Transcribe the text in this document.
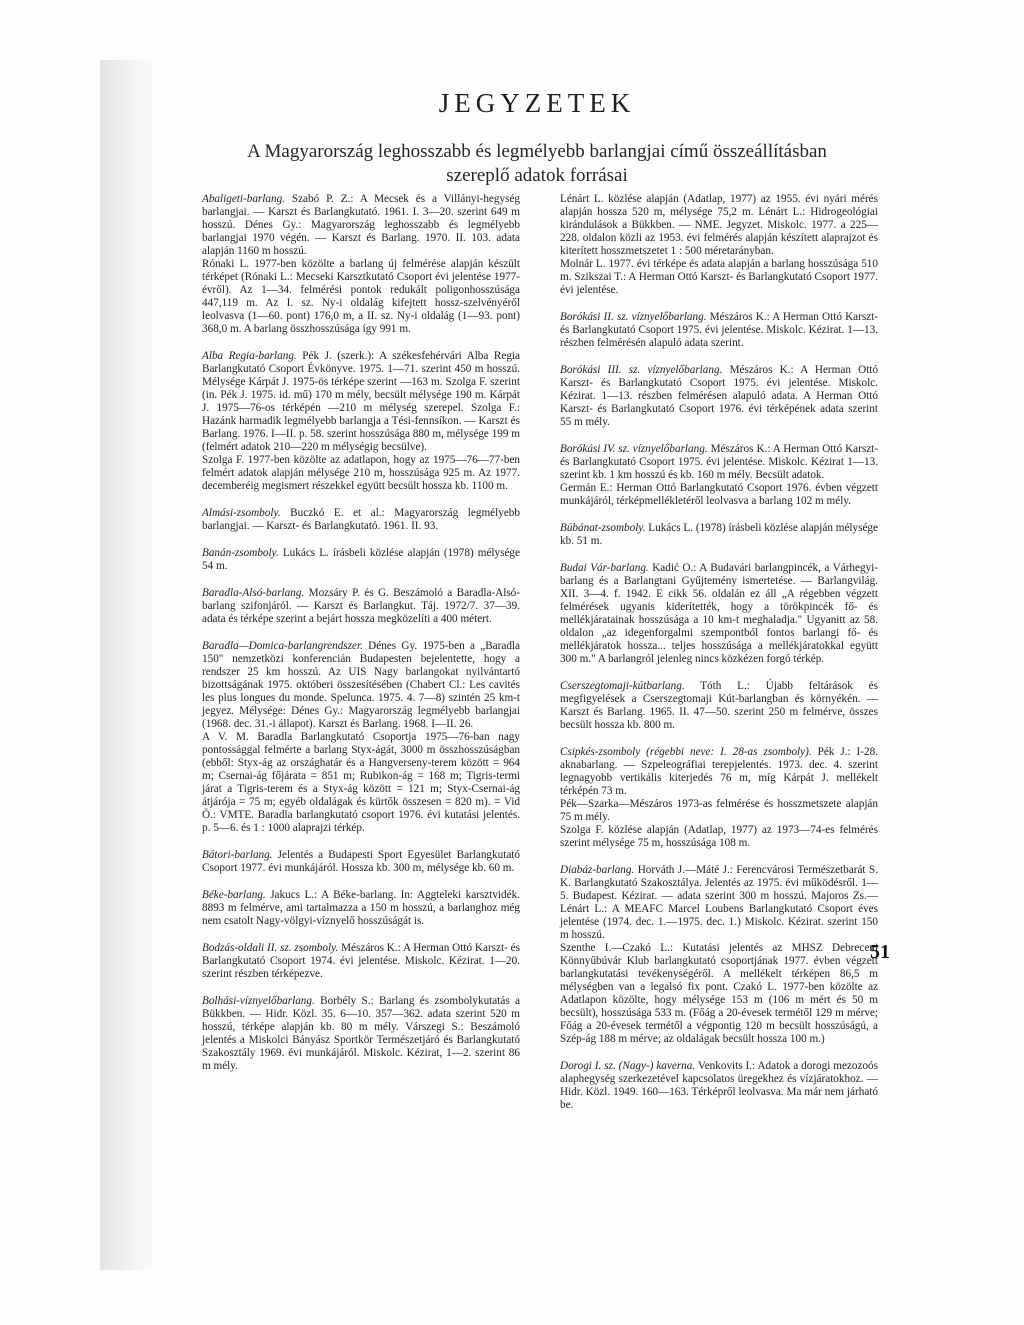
JEGYZETEK
A Magyarország leghosszabb és legmélyebb barlangjai című összeállításban
szereplő adatok forrásai

Abaligeti-barlang. Szabó P. Z.: A Mecsek és a Villányi-hegység barlangjai. — Karszt és Barlangkutató. 1961. I. 3—20. szerint 649 m hosszú. Dénes Gy.: Magyarország leghosszabb és legmélyebb barlangjai 1970 végén. — Karszt és Barlang. 1970. II. 103. adata alapján 1160 m hosszú.

Rónaki L. 1977-ben közölte a barlang új felmérése alapján készült térképet (Rónaki L.: Mecseki Karsztkutató Csoport évi jelentése 1977-évről). Az 1—34. felmérési pontok redukált poligonhosszúsága 447,119 m. Az I. sz. Ny-i oldalág kifejtett hossz-szelvényéről leolvasva (1—60. pont) 176,0 m, a II. sz. Ny-i oldalág (1—93. pont) 368,0 m. A barlang összhosszúsága így 991 m.

Alba Regia-barlang. Pék J. (szerk.): A székesfehérvári Alba Regia Barlangkutató Csoport Évkönyve. 1975. 1—71. szerint 450 m hosszú. Mélysége Kárpát J. 1975-ös térképe szerint —163 m. Szolga F. szerint (in. Pék J. 1975. id. mű) 170 m mély, becsült mélysége 190 m. Kárpát J. 1975—76-os térképén —210 m mélység szerepel. Szolga F.: Hazánk harmadik legmélyebb barlangja a Tési-fennsíkon. — Karszt és Barlang. 1976. I—II. p. 58. szerint hosszúsága 880 m, mélysége 199 m (felmért adatok 210—220 m mélységig becsülve).

Szolga F. 1977-ben közölte az adatlapon, hogy az 1975—76—77-ben felmért adatok alapján mélysége 210 m, hosszúsága 925 m. Az 1977. decemberéig megismert részekkel együtt becsült hossza kb. 1100 m.

Almási-zsomboly. Buczkó E. et al.: Magyarország legmélyebb barlangjai. — Karszt- és Barlangkutató. 1961. II. 93.

Banán-zsomboly. Lukács L. írásbeli közlése alapján (1978) mélysége 54 m.

Baradla-Alsó-barlang. Mozsáry P. és G. Beszámoló a Baradla-Alsó-barlang szifonjáról. — Karszt és Barlangkut. Táj. 1972/7. 37—39. adata és térképe szerint a bejárt hossza megközelíti a 400 métert.

Baradla—Domica-barlangrendszer. Dénes Gy. 1975-ben a „Baradla 150" nemzetközi konferencián Budapesten bejelentette, hogy a rendszer 25 km hosszú. Az UIS Nagy barlangokat nyilvántartó bizottságának 1975. októberi összesítésében (Chabert Cl.: Les cavités les plus longues du monde. Spelunca. 1975. 4. 7—8) szintén 25 km-t jegyez. Mélysége: Dénes Gy.: Magyarország legmélyebb barlangjai (1968. dec. 31.-i állapot). Karszt és Barlang. 1968. I—II. 26.

A V. M. Baradla Barlangkutató Csoportja 1975—76-ban nagy pontossággal felmérte a barlang Styx-ágát, 3000 m összhosszúságban (ebből: Styx-ág az országhatár és a Hangverseny-terem között = 964 m; Csernai-ág főjárata = 851 m; Rubikon-ág = 168 m; Tigris-termi járat a Tigris-terem és a Styx-ág között = 121 m; Styx-Csernai-ág átjárója = 75 m; egyéb oldalágak és kürtők összesen = 820 m). = Vid Ö.: VMTE. Baradla barlangkutató csoport 1976. évi kutatási jelentés. p. 5—6. és 1 : 1000 alaprajzi térkép.

Bátori-barlang. Jelentés a Budapesti Sport Egyesület Barlangkutató Csoport 1977. évi munkájáról. Hossza kb. 300 m, mélysége kb. 60 m.

Béke-barlang. Jakucs L.: A Béke-barlang. In: Aggteleki karsztvidék. 8893 m felmérve, ami tartalmazza a 150 m hosszú, a barlanghoz még nem csatolt Nagy-völgyi-víznyelő hosszúságát is.

Bodzás-oldali II. sz. zsomboly. Mészáros K.: A Herman Ottó Karszt- és Barlangkutató Csoport 1974. évi jelentése. Miskolc. Kézirat. 1—20. szerint részben térképezve.

Bolhási-víznyelőbarlang. Borbély S.: Barlang és zsombolykutatás a Bükkben. — Hidr. Közl. 35. 6—10. 357—362. adata szerint 520 m hosszú, térképe alapján kb. 80 m mély. Várszegi S.: Beszámoló jelentés a Miskolci Bányász Sportkör Természetjáró és Barlangkutató Szakosztály 1969. évi munkájáról. Miskolc. Kézirat, 1—2. szerint 86 m mély.

Lénárt L. közlése alapján (Adatlap, 1977) az 1955. évi nyári mérés alapján hossza 520 m, mélysége 75,2 m. Lénárt L.: Hidrogeológiai kirándulások a Bükkben. — NME. Jegyzet. Miskolc. 1977. a 225—228. oldalon közli az 1953. évi felmérés alapján készített alaprajzot és kiterített hosszmetszetet 1 : 500 méretarányban.

Molnár L. 1977. évi térképe és adata alapján a barlang hosszúsága 510 m. Szikszai T.: A Herman Ottó Karszt- és Barlangkutató Csoport 1977. évi jelentése.

Borókási II. sz. víznyelőbarlang. Mészáros K.: A Herman Ottó Karszt- és Barlangkutató Csoport 1975. évi jelentése. Miskolc. Kézirat. 1—13. részben felmérésén alapuló adata szerint.

Borókási III. sz. víznyelőbarlang. Mészáros K.: A Herman Ottó Karszt- és Barlangkutató Csoport 1975. évi jelentése. Miskolc. Kézirat. 1—13. részben felmérésen alapuló adata. A Herman Ottó Karszt- és Barlangkutató Csoport 1976. évi térképének adata szerint 55 m mély.

Borókási IV. sz. víznyelőbarlang. Mészáros K.: A Herman Ottó Karszt- és Barlangkutató Csoport 1975. évi jelentése. Miskolc. Kézirat 1—13. szerint kb. 1 km hosszú és kb. 160 m mély. Becsült adatok.

Germán E.: Herman Ottó Barlangkutató Csoport 1976. évben végzett munkájáról, térképmellékletéről leolvasva a barlang 102 m mély.

Búbánat-zsomboly. Lukács L. (1978) írásbeli közlése alapján mélysége kb. 51 m.

Budai Vár-barlang. Kadić O.: A Budavári barlangpincék, a Várhegyi-barlang és a Barlangtani Gyűjtemény ismertetése. — Barlangvilág. XII. 3—4. f. 1942. E cikk 56. oldalán ez áll „A régebben végzett felmérések ugyanis kiderítették, hogy a törökpincék fő- és mellékjáratainak hosszúsága a 10 km-t meghaladja." Ugyanitt az 58. oldalon „az idegenforgalmi szempontból fontos barlangi fő- és mellékjáratok hossza... teljes hosszúsága a mellékjáratokkal együtt 300 m." A barlangról jelenleg nincs közkézen forgó térkép.

Cserszegtomaji-kútbarlang. Tóth L.: Újabb feltárások és megfigyelések a Cserszegtomaji Kút-barlangban és környékén. — Karszt és Barlang. 1965. II. 47—50. szerint 250 m felmérve, összes becsült hossza kb. 800 m.

Csipkés-zsomboly (régebbi neve: I. 28-as zsomboly). Pék J.: I-28. aknabarlang. — Szpeleográfiai terepjelentés. 1973. dec. 4. szerint legnagyobb vertikális kiterjedés 76 m, míg Kárpát J. mellékelt térképén 73 m.

Pék—Szarka—Mészáros 1973-as felmérése és hosszmetszete alapján 75 m mély.

Szolga F. közlése alapján (Adatlap, 1977) az 1973—74-es felmérés szerint mélysége 75 m, hosszúsága 108 m.

Diabáz-barlang. Horváth J.—Máté J.: Ferencvárosi Természetbarát S. K. Barlangkutató Szakosztálya. Jelentés az 1975. évi működésről. 1—5. Budapest. Kézirat. — adata szerint 300 m hosszú. Majoros Zs.—Lénárt L.: A MEAFC Marcel Loubens Barlangkutató Csoport éves jelentése (1974. dec. 1.—1975. dec. 1.) Miskolc. Kézirat. szerint 150 m hosszú.

Szenthe I.—Czakó L.: Kutatási jelentés az MHSZ Debreceni Könnyűbúvár Klub barlangkutató csoportjának 1977. évben végzett barlangkutatási tevékenységéről. A mellékelt térképen 86,5 m mélységben van a legalsó fix pont. Czakó L. 1977-ben közölte az Adatlapon közölte, hogy mélysége 153 m (106 m mért és 50 m becsült), hosszúsága 533 m. (Főág a 20-évesek termétől 129 m mérve; Főág a 20-évesek termétől a végpontig 120 m becsült hosszúságú, a Szép-ág 188 m mérve; az oldalágak becsült hossza 100 m.)

Dorogi I. sz. (Nagy-) kaverna. Venkovits I.: Adatok a dorogi mezozoós alaphegység szerkezetével kapcsolatos üregekhez és vízjáratokhoz. — Hidr. Közl. 1949. 160—163. Térképről leolvasva. Ma már nem járható be.

51
